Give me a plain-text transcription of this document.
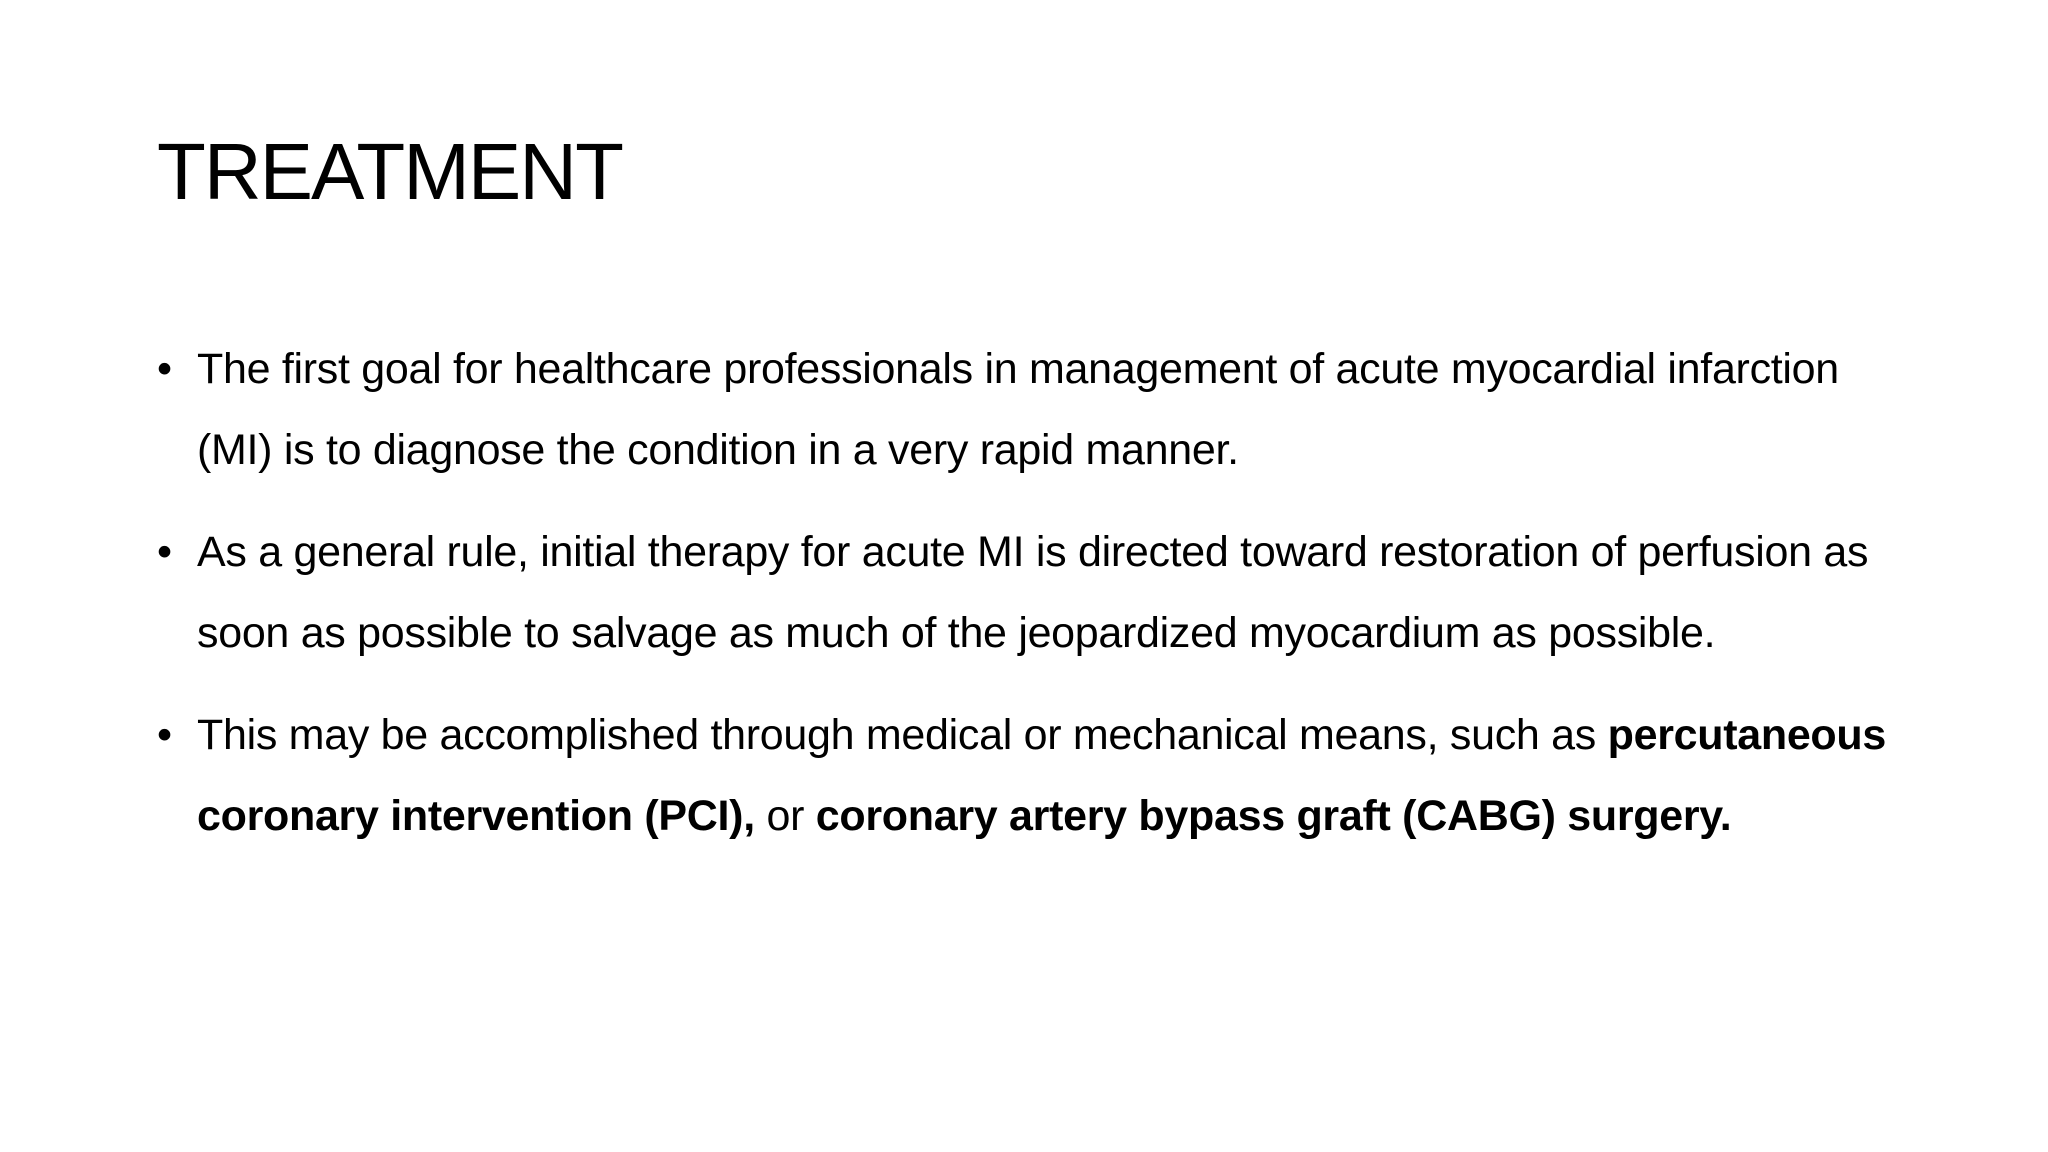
TREATMENT
• The first goal for healthcare professionals in management of acute myocardial infarction (MI) is to diagnose the condition in a very rapid manner.
• As a general rule, initial therapy for acute MI is directed toward restoration of perfusion as soon as possible to salvage as much of the jeopardized myocardium as possible.
• This may be accomplished through medical or mechanical means, such as percutaneous coronary intervention (PCI), or coronary artery bypass graft (CABG) surgery.
